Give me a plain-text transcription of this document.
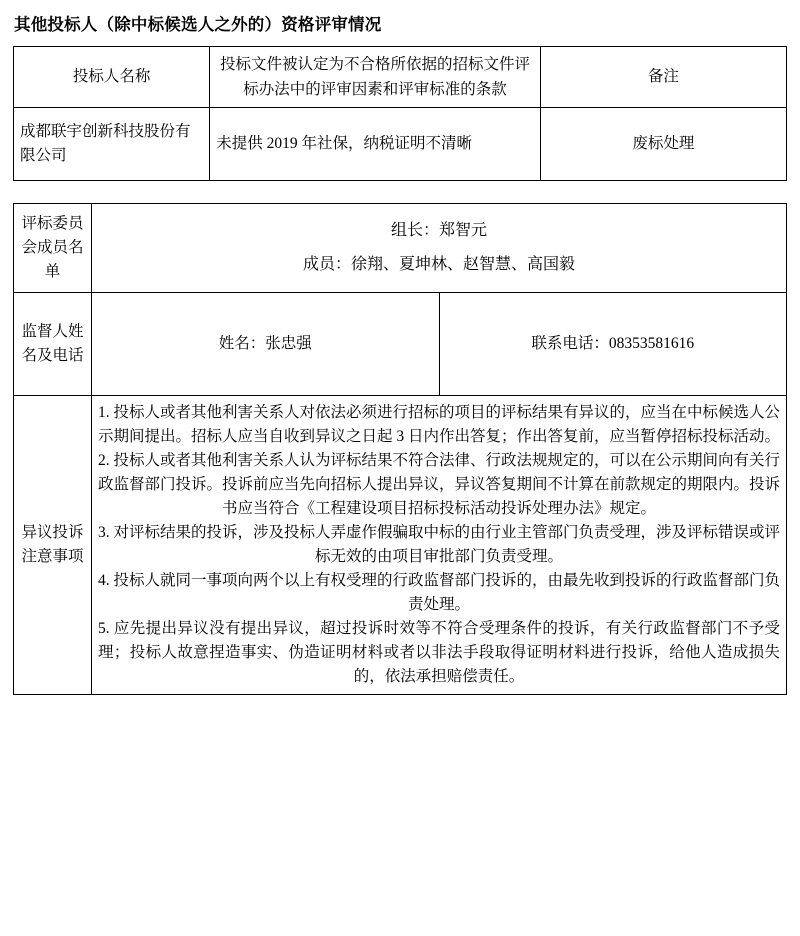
其他投标人（除中标候选人之外的）资格评审情况
投标人名称	投标文件被认定为不合格所依据的招标文件评标办法中的评审因素和评审标准的条款	备注
成都联宇创新科技股份有限公司	未提供 2019 年社保，纳税证明不清晰	废标处理
评标委员会成员名单	组长：郑智元
成员：徐翔、夏坤林、赵智慧、高国毅	

监督人姓名及电话	姓名：张忠强	联系电话：08353581616
异议投诉注意事项	1. 投标人或者其他利害关系人对依法必须进行招标的项目的评标结果有异议的，应当在中标候选人公示期间提出。招标人应当自收到异议之日起 3 日内作出答复；作出答复前，应当暂停招标投标活动。

2. 投标人或者其他利害关系人认为评标结果不符合法律、行政法规规定的，可以在公示期间向有关行政监督部门投诉。投诉前应当先向招标人提出异议，异议答复期间不计算在前款规定的期限内。投诉书应当符合《工程建设项目招标投标活动投诉处理办法》规定。

3. 对评标结果的投诉，涉及投标人弄虚作假骗取中标的由行业主管部门负责受理，涉及评标错误或评标无效的由项目审批部门负责受理。

4. 投标人就同一事项向两个以上有权受理的行政监督部门投诉的，由最先收到投诉的行政监督部门负责处理。

5. 应先提出异议没有提出异议，超过投诉时效等不符合受理条件的投诉，有关行政监督部门不予受理；投标人故意捏造事实、伪造证明材料或者以非法手段取得证明材料进行投诉，给他人造成损失的，依法承担赔偿责任。	
